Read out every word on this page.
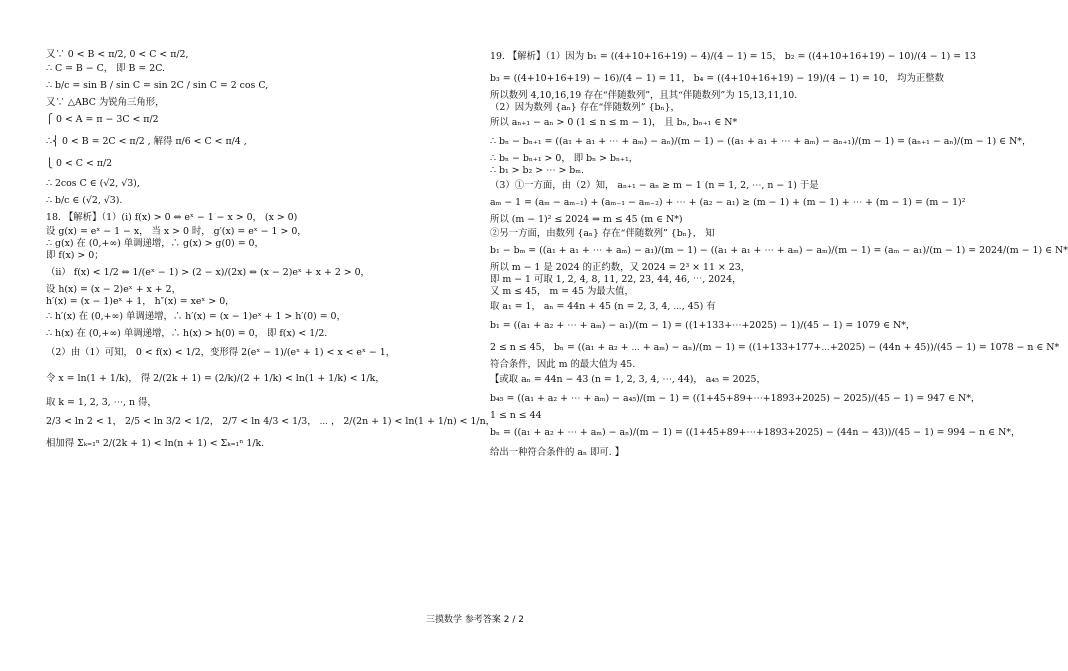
又∵ 0 < B < π/2, 0 < C < π/2,

∴ C = B − C， 即 B = 2C.

∴ b/c = sin B / sin C = sin 2C / sin C = 2 cos C,

又∵ △ABC 为锐角三角形，

⎧ 0 < A = π − 3C < π/2

∴⎨ 0 < B = 2C < π/2 , 解得 π/6 < C < π/4 ,

⎩ 0 < C < π/2

∴ 2cos C ∈ (√2, √3),

∴ b/c ∈ (√2, √3).

18. 【解析】（1）(i) f(x) > 0 ⇔ eˣ − 1 − x > 0， (x > 0)

设 g(x) = eˣ − 1 − x， 当 x > 0 时， g′(x) = eˣ − 1 > 0，

∴ g(x) 在 (0,+∞) 单调递增，∴ g(x) > g(0) = 0，

即 f(x) > 0；

（ii） f(x) < 1/2 ⇔ 1/(eˣ − 1) > (2 − x)/(2x) ⇔ (x − 2)eˣ + x + 2 > 0，

设 h(x) = (x − 2)eˣ + x + 2，

h′(x) = (x − 1)eˣ + 1， h″(x) = xeˣ > 0，

∴ h′(x) 在 (0,+∞) 单调递增，∴ h′(x) = (x − 1)eˣ + 1 > h′(0) = 0，

∴ h(x) 在 (0,+∞) 单调递增，∴ h(x) > h(0) = 0， 即 f(x) < 1/2.

（2）由（1）可知， 0 < f(x) < 1/2，变形得 2(eˣ − 1)/(eˣ + 1) < x < eˣ − 1，

令 x = ln(1 + 1/k)， 得 2/(2k + 1) = (2/k)/(2 + 1/k) < ln(1 + 1/k) < 1/k，

取 k = 1, 2, 3, ⋯, n 得，

2/3 < ln 2 < 1， 2/5 < ln 3/2 < 1/2， 2/7 < ln 4/3 < 1/3， ⋯ ， 2/(2n + 1) < ln(1 + 1/n) < 1/n，

相加得 Σₖ₌₁ⁿ 2/(2k + 1) < ln(n + 1) < Σₖ₌₁ⁿ 1/k.

19. 【解析】（1）因为 b₁ = ((4+10+16+19) − 4)/(4 − 1) = 15， b₂ = ((4+10+16+19) − 10)/(4 − 1) = 13

b₃ = ((4+10+16+19) − 16)/(4 − 1) = 11， b₄ = ((4+10+16+19) − 19)/(4 − 1) = 10， 均为正整数

所以数列 4,10,16,19 存在“伴随数列”，且其“伴随数列”为 15,13,11,10.

（2）因为数列 {aₙ} 存在“伴随数列” {bₙ}，

所以 aₙ₊₁ − aₙ > 0 (1 ≤ n ≤ m − 1)， 且 bₙ, bₙ₊₁ ∈ N*

∴ bₙ − bₙ₊₁ = ((a₁ + a₁ + ⋯ + aₘ) − aₙ)/(m − 1) − ((a₁ + a₁ + ⋯ + aₘ) − aₙ₊₁)/(m − 1) = (aₙ₊₁ − aₙ)/(m − 1) ∈ N*，

∴ bₙ − bₙ₊₁ > 0， 即 bₙ > bₙ₊₁，

∴ b₁ > b₂ > ⋯ > bₘ.

（3）①一方面，由（2）知， aₙ₊₁ − aₙ ≥ m − 1 (n = 1, 2, ⋯, n − 1) 于是

aₘ − 1 = (aₘ − aₘ₋₁) + (aₘ₋₁ − aₘ₋₂) + ⋯ + (a₂ − a₁) ≥ (m − 1) + (m − 1) + ⋯ + (m − 1) = (m − 1)²

所以 (m − 1)² ≤ 2024 ⇒ m ≤ 45 (m ∈ N*)

②另一方面，由数列 {aₙ} 存在“伴随数列” {bₙ}， 知

b₁ − bₘ = ((a₁ + a₁ + ⋯ + aₘ) − a₁)/(m − 1) − ((a₁ + a₁ + ⋯ + aₘ) − aₘ)/(m − 1) = (aₘ − a₁)/(m − 1) = 2024/(m − 1) ∈ N*

所以 m − 1 是 2024 的正约数，又 2024 = 2³ × 11 × 23，

即 m − 1 可取 1, 2, 4, 8, 11, 22, 23, 44, 46, ⋯, 2024，

又 m ≤ 45， m = 45 为最大值，

取 a₁ = 1， aₙ = 44n + 45 (n = 2, 3, 4, ⋯, 45) 有

b₁ = ((a₁ + a₂ + ⋯ + aₘ) − a₁)/(m − 1) = ((1+133+⋯+2025) − 1)/(45 − 1) = 1079 ∈ N*，

2 ≤ n ≤ 45， bₙ = ((a₁ + a₂ + ⋯ + aₘ) − aₙ)/(m − 1) = ((1+133+177+⋯+2025) − (44n + 45))/(45 − 1) = 1078 − n ∈ N*

符合条件，因此 m 的最大值为 45.

【或取 aₙ = 44n − 43 (n = 1, 2, 3, 4, ⋯, 44)， a₄₅ = 2025，

b₄₅ = ((a₁ + a₂ + ⋯ + aₘ) − a₄₅)/(m − 1) = ((1+45+89+⋯+1893+2025) − 2025)/(45 − 1) = 947 ∈ N*，

1 ≤ n ≤ 44

bₙ = ((a₁ + a₂ + ⋯ + aₘ) − aₙ)/(m − 1) = ((1+45+89+⋯+1893+2025) − (44n − 43))/(45 − 1) = 994 − n ∈ N*，

给出一种符合条件的 aₙ 即可. 】

三摸数学 参考答案 2 / 2
